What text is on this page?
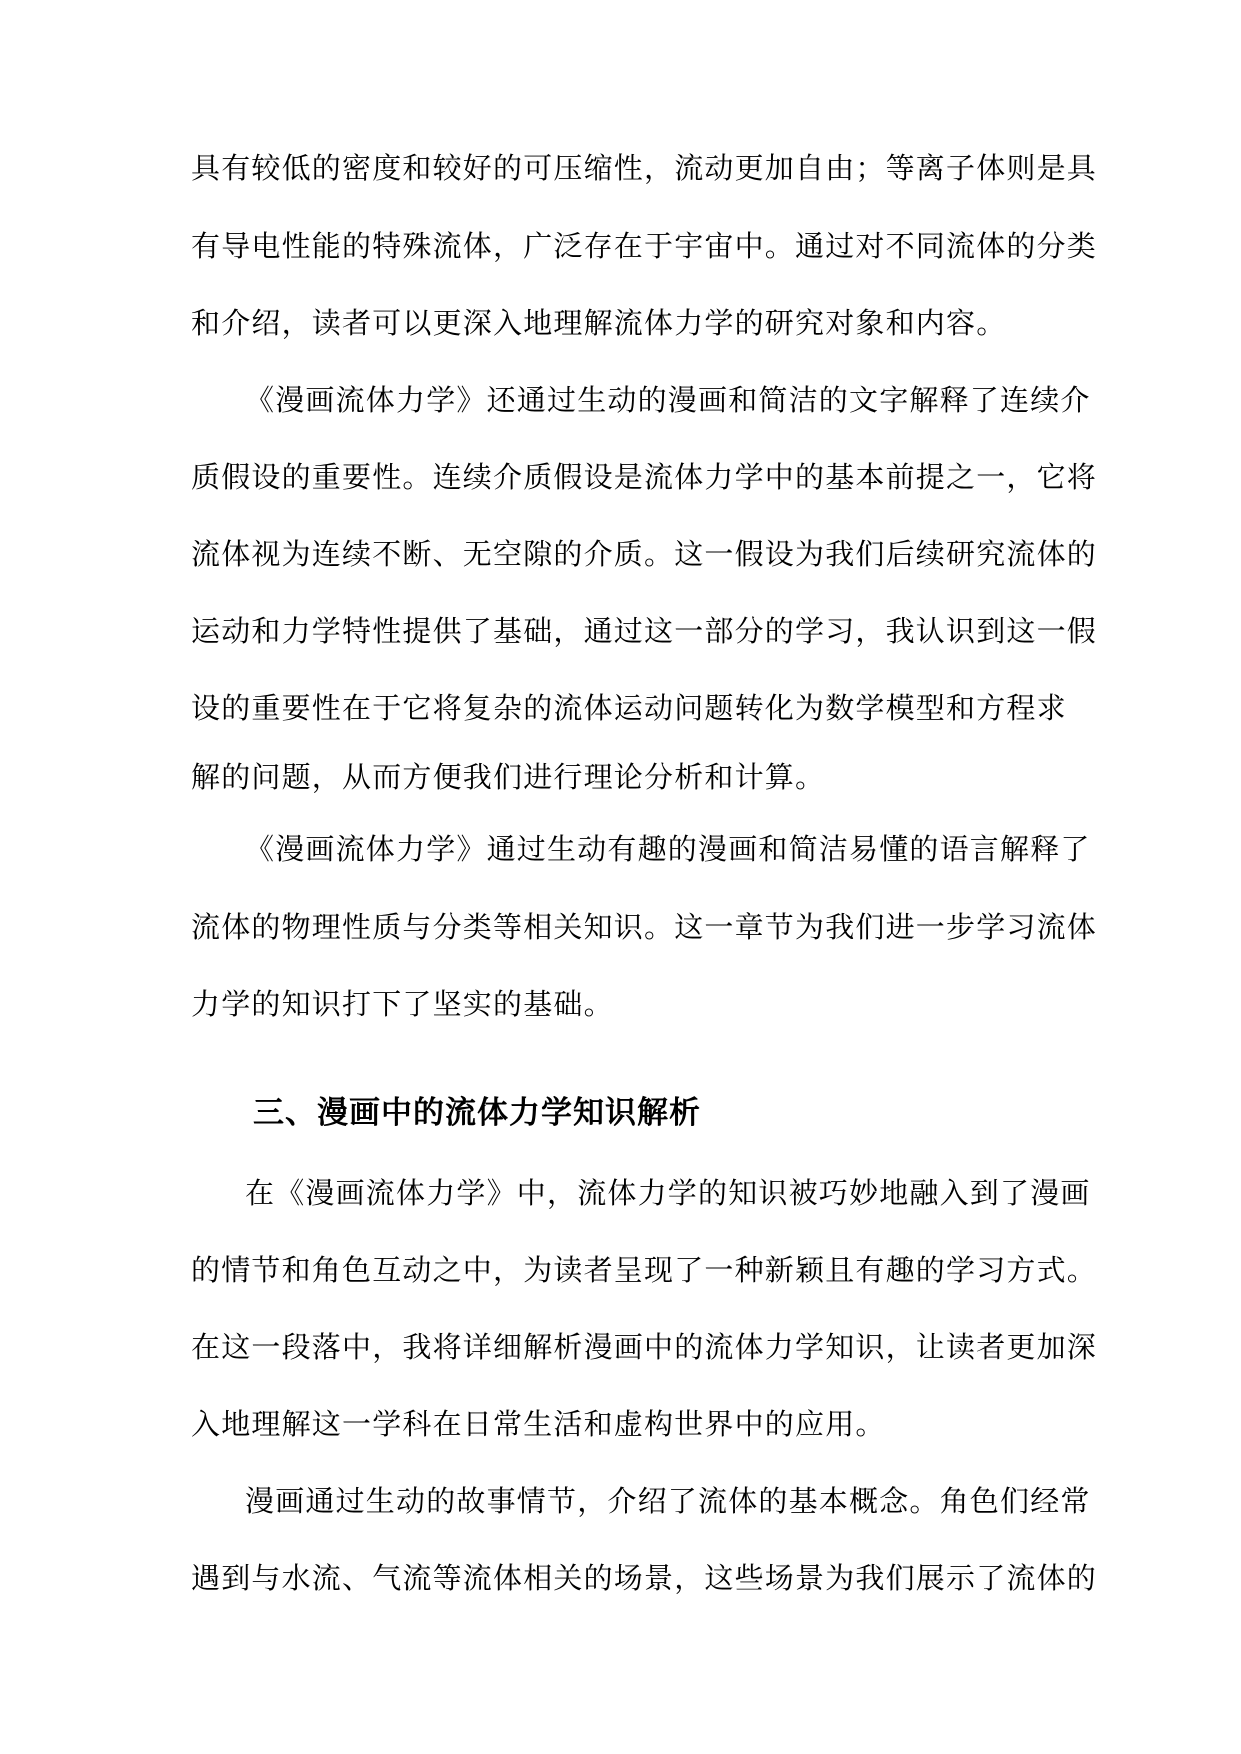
具有较低的密度和较好的可压缩性，流动更加自由；等离子体则是具
有导电性能的特殊流体，广泛存在于宇宙中。通过对不同流体的分类
和介绍，读者可以更深入地理解流体力学的研究对象和内容。
《漫画流体力学》还通过生动的漫画和简洁的文字解释了连续介
质假设的重要性。连续介质假设是流体力学中的基本前提之一，它将
流体视为连续不断、无空隙的介质。这一假设为我们后续研究流体的
运动和力学特性提供了基础，通过这一部分的学习，我认识到这一假
设的重要性在于它将复杂的流体运动问题转化为数学模型和方程求
解的问题，从而方便我们进行理论分析和计算。
《漫画流体力学》通过生动有趣的漫画和简洁易懂的语言解释了
流体的物理性质与分类等相关知识。这一章节为我们进一步学习流体
力学的知识打下了坚实的基础。
三、漫画中的流体力学知识解析
在《漫画流体力学》中，流体力学的知识被巧妙地融入到了漫画
的情节和角色互动之中，为读者呈现了一种新颖且有趣的学习方式。
在这一段落中，我将详细解析漫画中的流体力学知识，让读者更加深
入地理解这一学科在日常生活和虚构世界中的应用。
漫画通过生动的故事情节，介绍了流体的基本概念。角色们经常
遇到与水流、气流等流体相关的场景，这些场景为我们展示了流体的
